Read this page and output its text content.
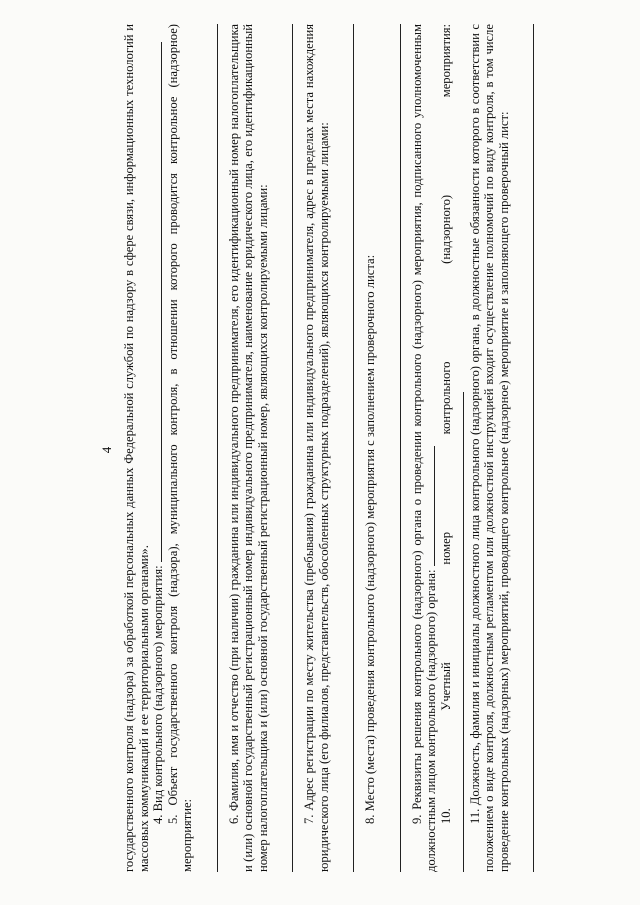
4 государственного контроля (надзора) за обработкой персональных данных Федеральной службой по надзору в сфере связи, информационных технологий и массовых коммуникаций и ее территориальными органами». 4. Вид контрольного (надзорного) мероприятия: 5. Объект государственного контроля (надзора), муниципального контроля, в отношении которого проводится контрольное (надзорное) мероприятие:

6. Фамилия, имя и отчество (при наличии) гражданина или индивидуального предпринимателя, его идентификационный номер налогоплательщика и (или) основной государственный регистрационный номер индивидуального предпринимателя, наименование юридического лица, его идентификационный номер налогоплательщика и (или) основной государственный регистрационный номер, являющихся контролируемыми лицами:	7. Адрес регистрации по месту жительства (пребывания) гражданина или индивидуального предпринимателя, адрес в пределах места нахождения юридического лица (его филиалов, представительств, обособленных структурных подразделений), являющихся контролируемыми лицами:	8. Место (места) проведения контрольного (надзорного) мероприятия с заполнением проверочного листа:	9. Реквизиты решения контрольного (надзорного) органа о проведении контрольного (надзорного) мероприятия, подписанного уполномоченным должностным лицом контрольного (надзорного) органа: 10. Учетный номер контрольного (надзорного) мероприятия:	11. Должность, фамилия и инициалы должностного лица контрольного (надзорного) органа, в должностные обязанности которого в соответствии с положением о виде контроля, должностным регламентом или должностной инструкцией входит осуществление полномочий по виду контроля, в том числе проведение контрольных (надзорных) мероприятий, проводящего контрольное (надзорное) мероприятие и заполняющего проверочный лист:
